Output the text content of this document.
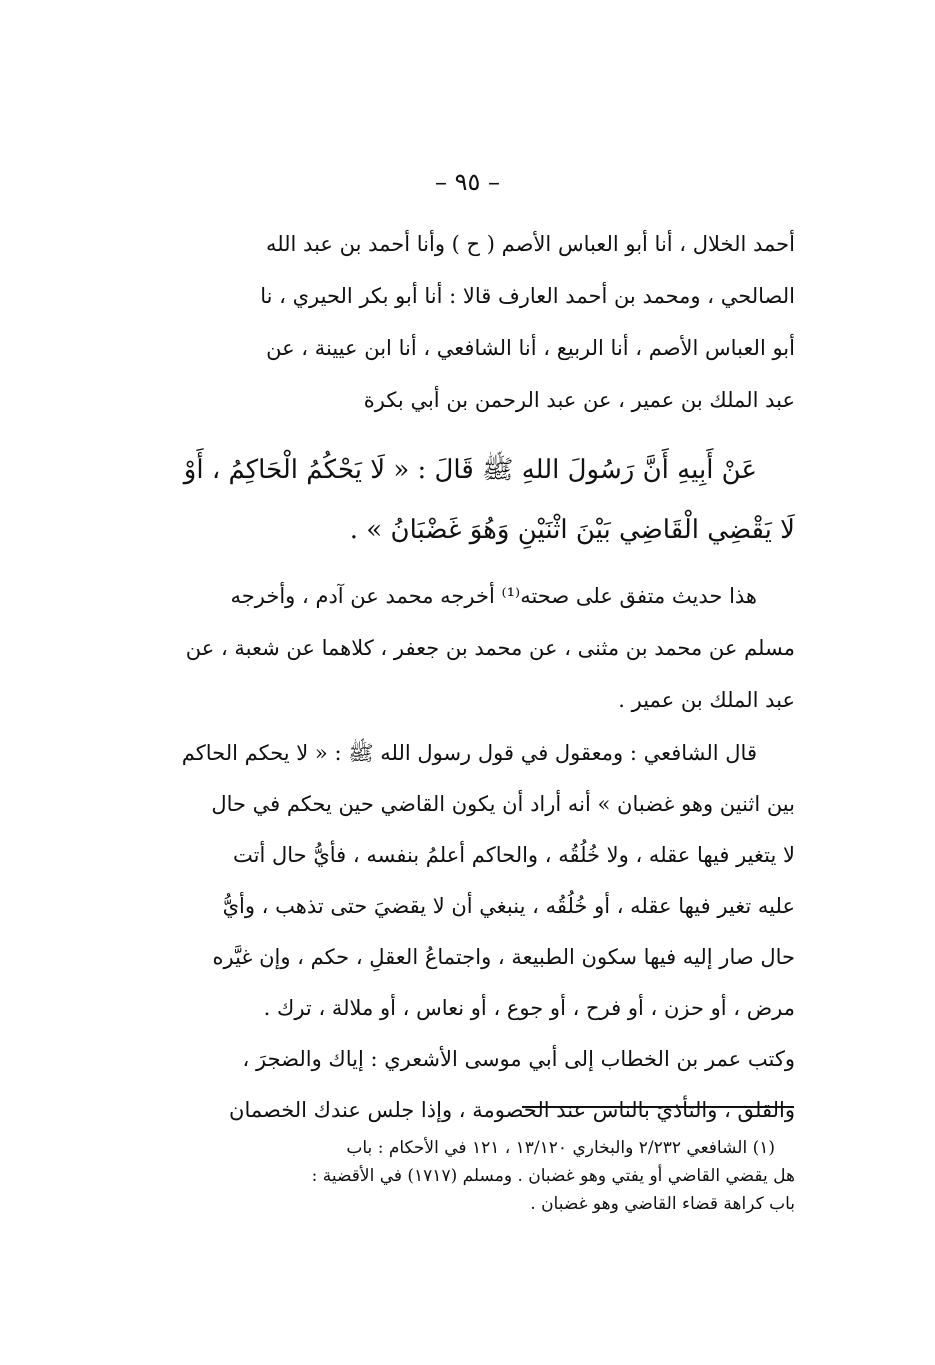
– ٩٥ –
أحمد الخلال ، أنا أبو العباس الأصم ( ح ) وأنا أحمد بن عبد الله
الصالحي ، ومحمد بن أحمد العارف قالا : أنا أبو بكر الحيري ، نا
أبو العباس الأصم ، أنا الربيع ، أنا الشافعي ، أنا ابن عيينة ، عن
عبد الملك بن عمير ، عن عبد الرحمن بن أبي بكرة
عَنْ أَبِيهِ أَنَّ رَسُولَ اللهِ ﷺ قَالَ : « لَا يَحْكُمُ الْحَاكِمُ ، أَوْ
لَا يَقْضِي الْقَاضِي بَيْنَ اثْنَيْنِ وَهُوَ غَضْبَانُ » .
هذا حديث متفق على صحته⁽¹⁾ أخرجه محمد عن آدم ، وأخرجه
مسلم عن محمد بن مثنى ، عن محمد بن جعفر ، كلاهما عن شعبة ، عن
عبد الملك بن عمير .
قال الشافعي : ومعقول في قول رسول الله ﷺ : « لا يحكم الحاكم
بين اثنين وهو غضبان » أنه أراد أن يكون القاضي حين يحكم في حال
لا يتغير فيها عقله ، ولا خُلُقُه ، والحاكم أعلمُ بنفسه ، فأيُّ حال أتت
عليه تغير فيها عقله ، أو خُلُقُه ، ينبغي أن لا يقضيَ حتى تذهب ، وأيُّ
حال صار إليه فيها سكون الطبيعة ، واجتماعُ العقلِ ، حكم ، وإن غيَّره
مرض ، أو حزن ، أو فرح ، أو جوع ، أو نعاس ، أو ملالة ، ترك .
وكتب عمر بن الخطاب إلى أبي موسى الأشعري : إياك والضجرَ ،
والقلقَ ، والتأذيَ بالناس عند الخصومة ، وإذا جلس عندك الخصمان
(١) الشافعي ٢/٢٣٢ والبخاري ١٣/١٢٠ ، ١٢١ في الأحكام : باب
هل يقضي القاضي أو يفتي وهو غضبان . ومسلم (١٧١٧) في الأقضية :
باب كراهة قضاء القاضي وهو غضبان .
